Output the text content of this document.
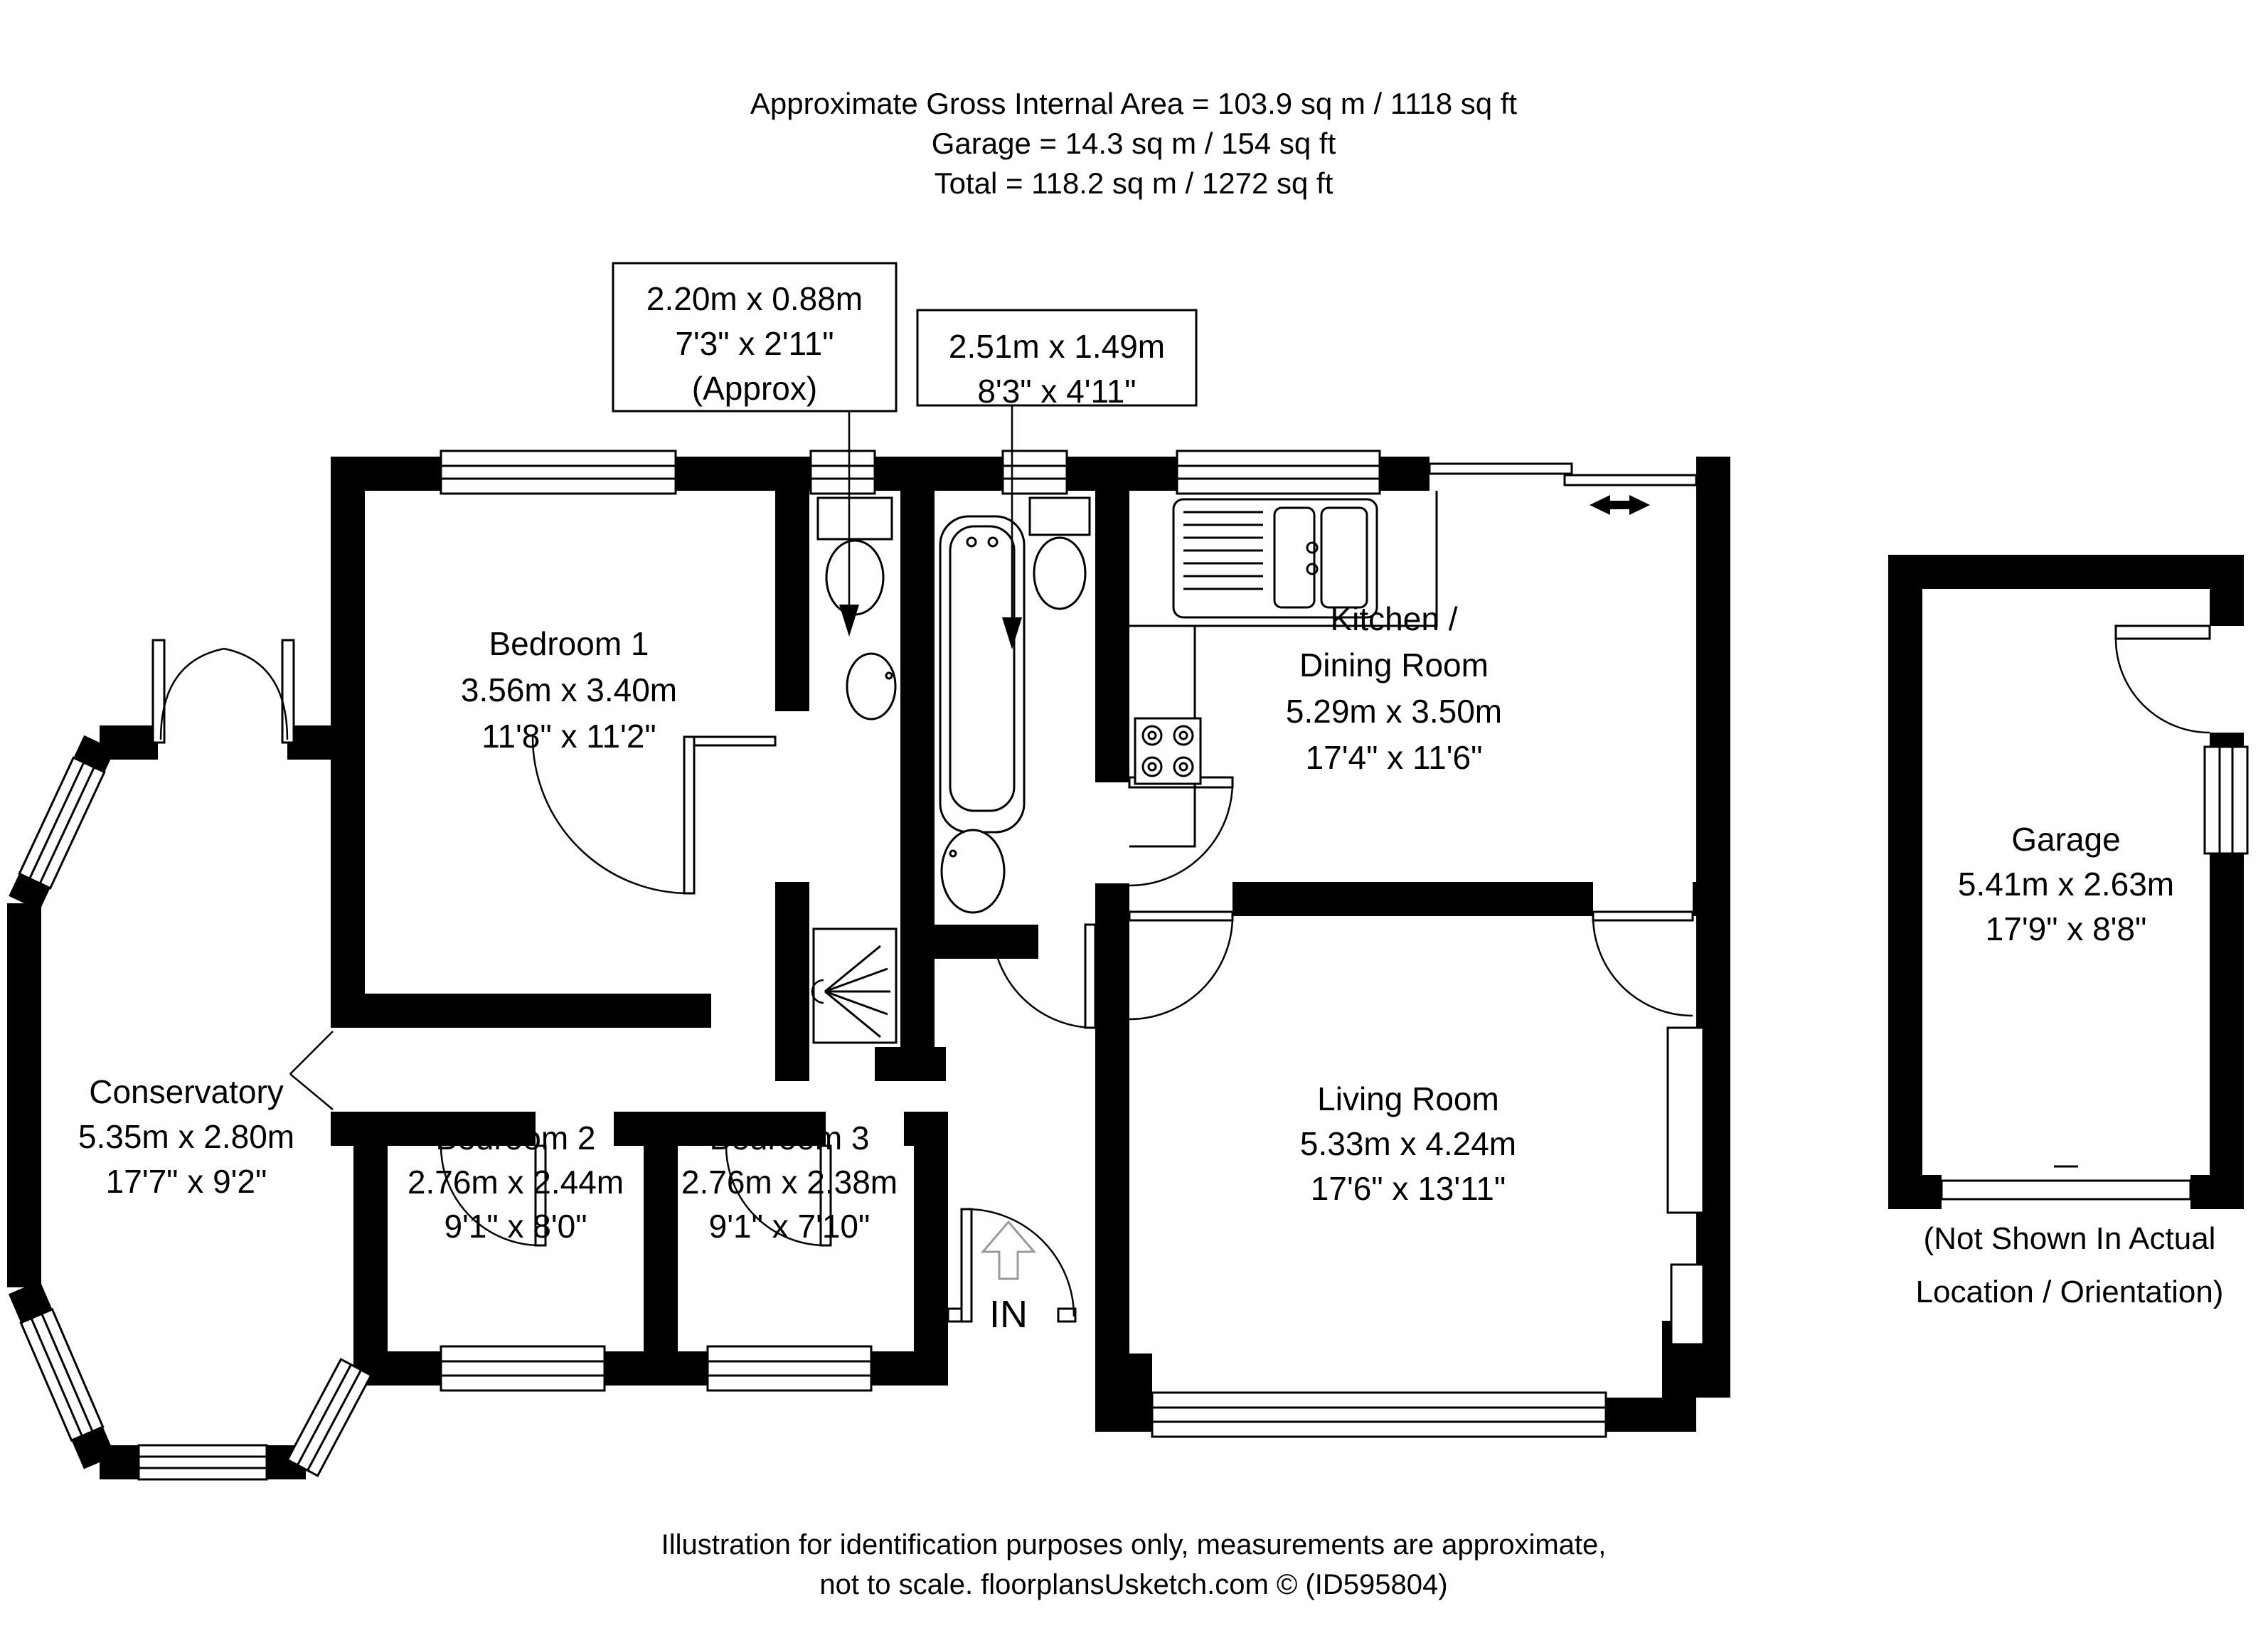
Approximate Gross Internal Area = 103.9 sq m / 1118 sq ft
Garage = 14.3 sq m / 154 sq ft
Total = 118.2 sq m / 1272 sq ft
2.20m x 0.88m
7'3" x 2'11"
(Approx)
2.51m x 1.49m
8'3" x 4'11"
Bedroom 1
3.56m x 3.40m
11'8" x 11'2"
Kitchen /
Dining Room
5.29m x 3.50m
17'4" x 11'6"
Conservatory
5.35m x 2.80m
17'7" x 9'2"
Bedroom 2
2.76m x 2.44m
9'1" x 8'0"
Bedroom 3
2.76m x 2.38m
9'1" x 7'10"
Living Room
5.33m x 4.24m
17'6" x 13'11"
Garage
5.41m x 2.63m
17'9" x 8'8"
IN
(Not Shown In Actual
Location / Orientation)
Illustration for identification purposes only, measurements are approximate,
not to scale. floorplansUsketch.com © (ID595804)
